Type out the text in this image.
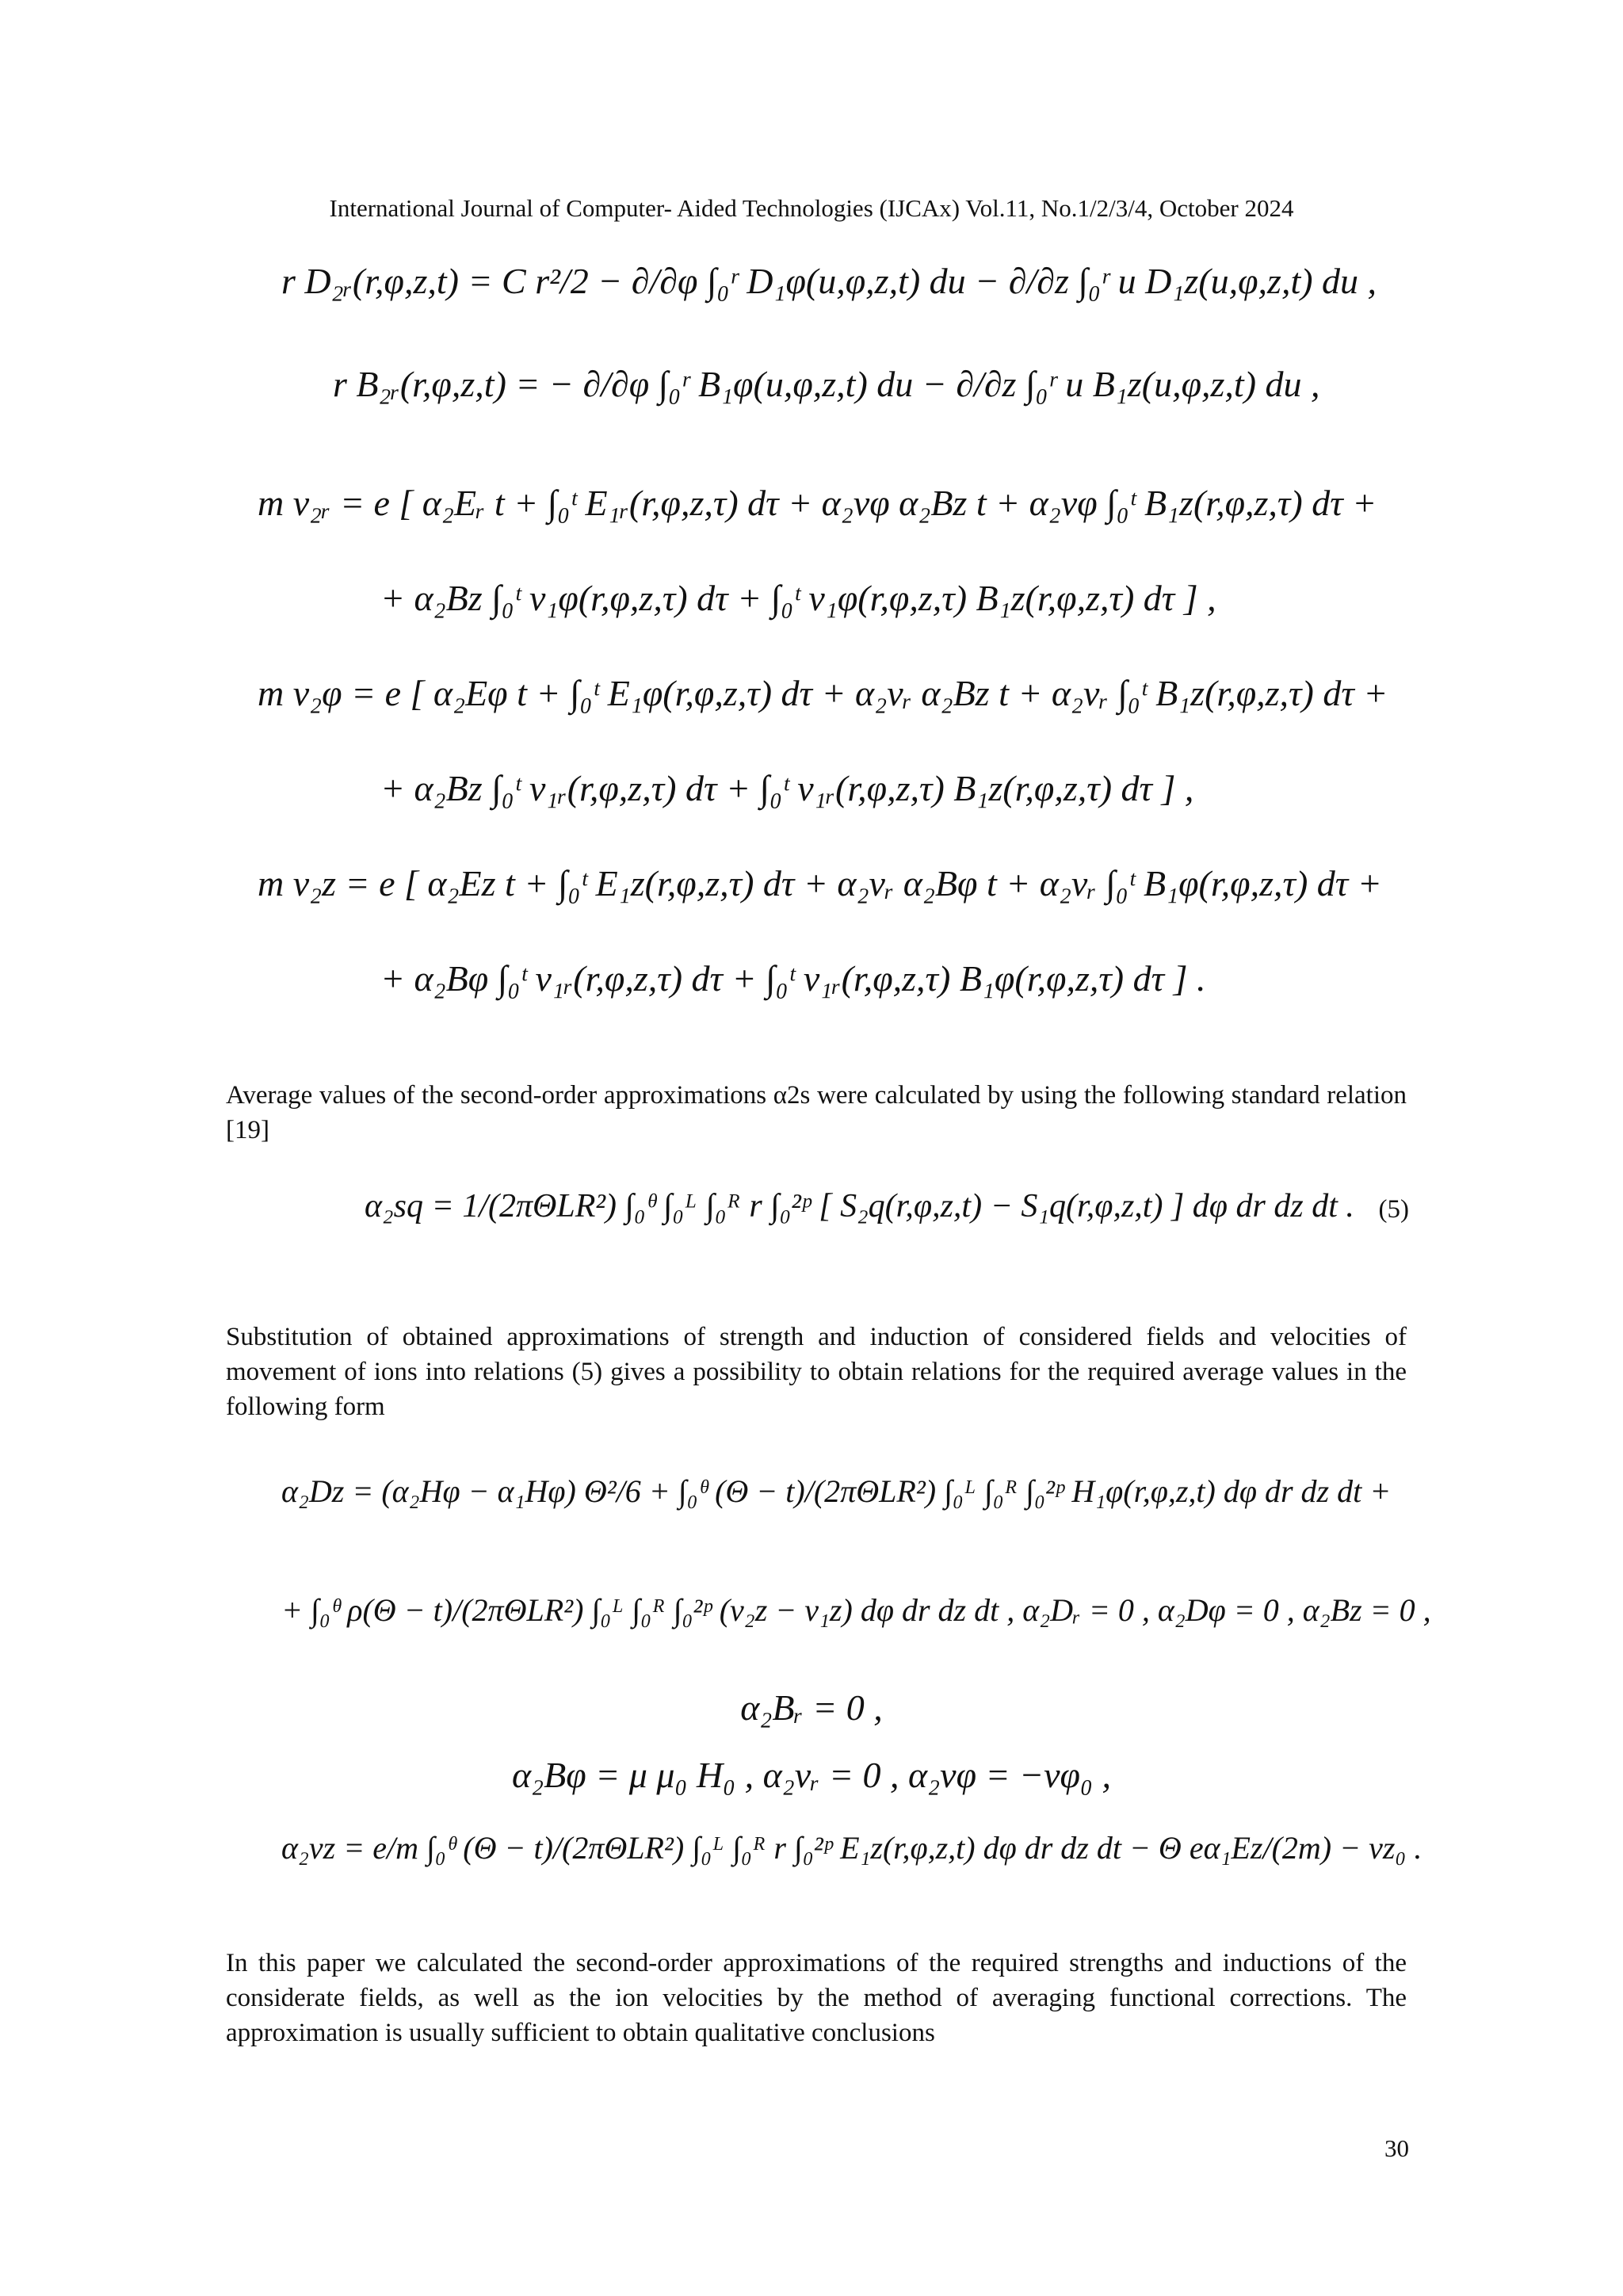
International Journal of Computer- Aided Technologies (IJCAx) Vol.11, No.1/2/3/4, October 2024
r D₂ᵣ(r,φ,z,t) = C r²/2 − ∂/∂φ ∫₀ʳ D₁φ(u,φ,z,t) du − ∂/∂z ∫₀ʳ u D₁z(u,φ,z,t) du ,
r B₂ᵣ(r,φ,z,t) = − ∂/∂φ ∫₀ʳ B₁φ(u,φ,z,t) du − ∂/∂z ∫₀ʳ u B₁z(u,φ,z,t) du ,
m v₂ᵣ = e [ α₂Eᵣ t + ∫₀ᵗ E₁ᵣ(r,φ,z,τ) dτ + α₂vφ α₂Bz t + α₂vφ ∫₀ᵗ B₁z(r,φ,z,τ) dτ +
+ α₂Bz ∫₀ᵗ v₁φ(r,φ,z,τ) dτ + ∫₀ᵗ v₁φ(r,φ,z,τ) B₁z(r,φ,z,τ) dτ ] ,
m v₂φ = e [ α₂Eφ t + ∫₀ᵗ E₁φ(r,φ,z,τ) dτ + α₂vᵣ α₂Bz t + α₂vᵣ ∫₀ᵗ B₁z(r,φ,z,τ) dτ +
+ α₂Bz ∫₀ᵗ v₁ᵣ(r,φ,z,τ) dτ + ∫₀ᵗ v₁ᵣ(r,φ,z,τ) B₁z(r,φ,z,τ) dτ ] ,
m v₂z = e [ α₂Ez t + ∫₀ᵗ E₁z(r,φ,z,τ) dτ + α₂vᵣ α₂Bφ t + α₂vᵣ ∫₀ᵗ B₁φ(r,φ,z,τ) dτ +
+ α₂Bφ ∫₀ᵗ v₁ᵣ(r,φ,z,τ) dτ + ∫₀ᵗ v₁ᵣ(r,φ,z,τ) B₁φ(r,φ,z,τ) dτ ] .
Average values of the second-order approximations α2s were calculated by using the following standard relation [19]
α₂sq = 1/(2πΘLR²) ∫₀ᶿ ∫₀ᴸ ∫₀ᴿ r ∫₀²ᵖ [ S₂q(r,φ,z,t) − S₁q(r,φ,z,t) ] dφ dr dz dt . (5)
Substitution of obtained approximations of strength and induction of considered fields and velocities of movement of ions into relations (5) gives a possibility to obtain relations for the required average values in the following form
α₂Dz = (α₂Hφ − α₁Hφ) Θ²/6 + ∫₀ᶿ (Θ − t)/(2πΘLR²) ∫₀ᴸ ∫₀ᴿ ∫₀²ᵖ H₁φ(r,φ,z,t) dφ dr dz dt +
+ ∫₀ᶿ ρ(Θ − t)/(2πΘLR²) ∫₀ᴸ ∫₀ᴿ ∫₀²ᵖ (v₂z − v₁z) dφ dr dz dt , α₂Dᵣ = 0 , α₂Dφ = 0 , α₂Bz = 0 ,
α₂Bᵣ = 0 ,
α₂Bφ = μ μ₀ H₀ , α₂vᵣ = 0 , α₂vφ = −vφ₀ ,
α₂vz = e/m ∫₀ᶿ (Θ − t)/(2πΘLR²) ∫₀ᴸ ∫₀ᴿ r ∫₀²ᵖ E₁z(r,φ,z,t) dφ dr dz dt − Θ eα₁Ez/(2m) − vz₀ .
In this paper we calculated the second-order approximations of the required strengths and inductions of the considerate fields, as well as the ion velocities by the method of averaging functional corrections. The approximation is usually sufficient to obtain qualitative conclusions
30
